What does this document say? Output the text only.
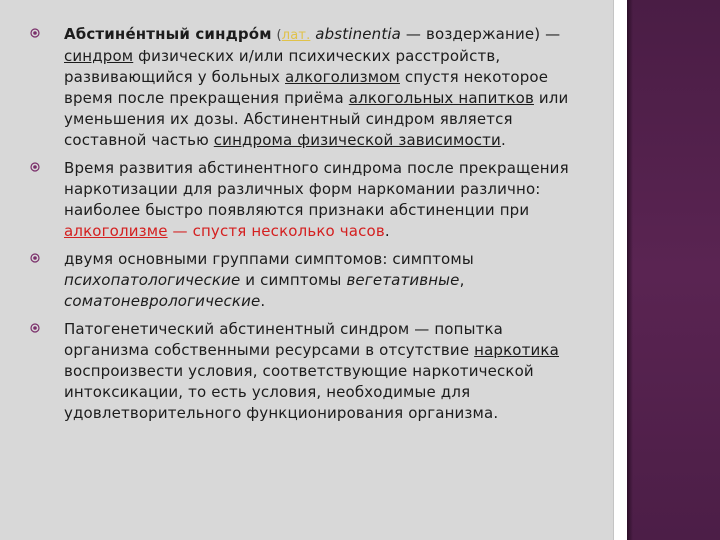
Абстине́нтный синдро́м (лат. abstinentia — воздержание) —
синдром физических и/или психических расстройств,
развивающийся у больных алкоголизмом спустя некоторое
время после прекращения приёма алкогольных напитков или
уменьшения их дозы. Абстинентный синдром является
составной частью синдрома физической зависимости.
Время развития абстинентного синдрома после прекращения
наркотизации для различных форм наркомании различно:
наиболее быстро появляются признаки абстиненции при
алкоголизме — спустя несколько часов.
двумя основными группами симптомов: симптомы
психопатологические и симптомы вегетативные,
соматоневрологические.
Патогенетический абстинентный синдром — попытка
организма собственными ресурсами в отсутствие наркотика
воспроизвести условия, соответствующие наркотической
интоксикации, то есть условия, необходимые для
удовлетворительного функционирования организма.
